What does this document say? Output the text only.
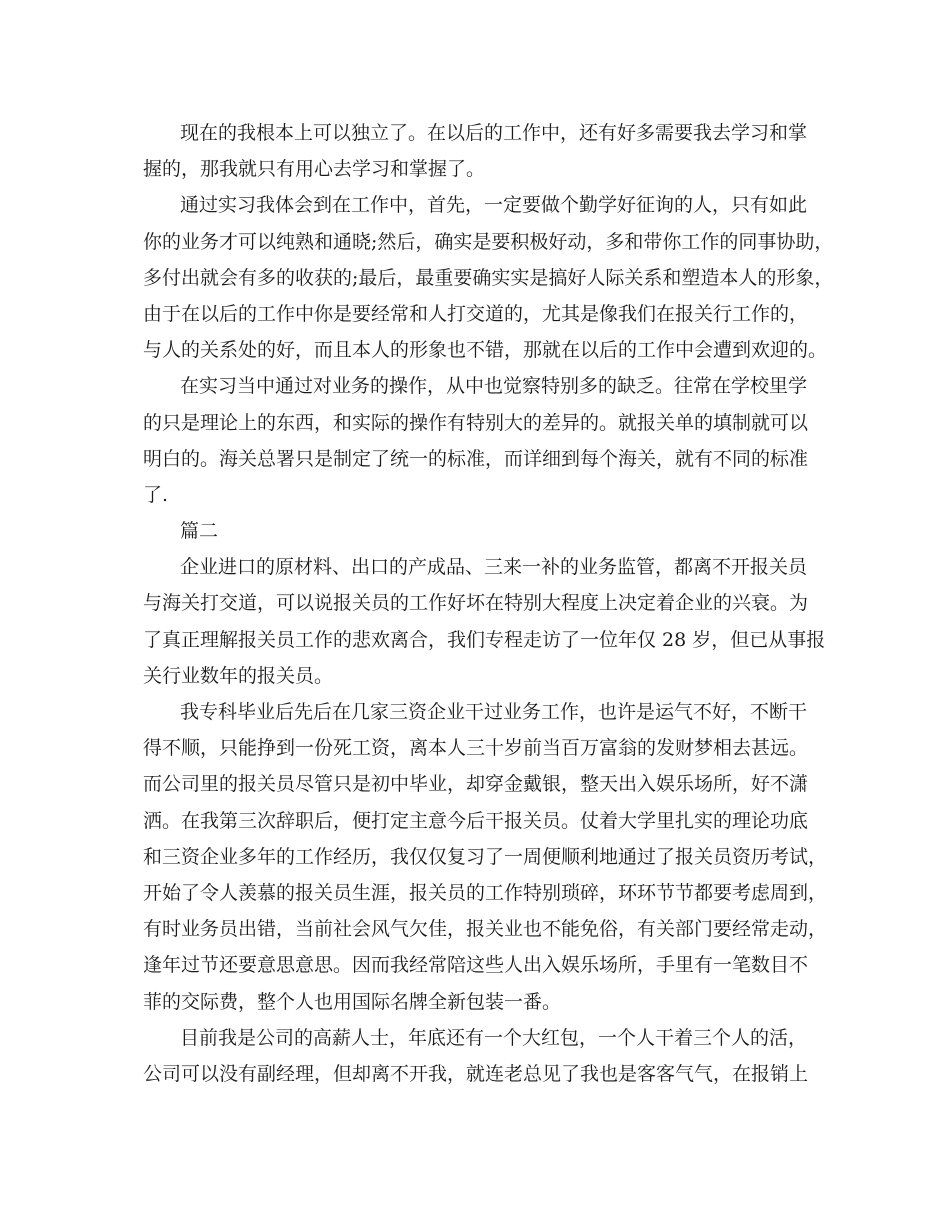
现在的我根本上可以独立了。在以后的工作中，还有好多需要我去学习和掌
握的，那我就只有用心去学习和掌握了。
通过实习我体会到在工作中，首先，一定要做个勤学好征询的人，只有如此
你的业务才可以纯熟和通晓;然后，确实是要积极好动，多和带你工作的同事协助，
多付出就会有多的收获的;最后，最重要确实实是搞好人际关系和塑造本人的形象，
由于在以后的工作中你是要经常和人打交道的，尤其是像我们在报关行工作的，
与人的关系处的好，而且本人的形象也不错，那就在以后的工作中会遭到欢迎的。
在实习当中通过对业务的操作，从中也觉察特别多的缺乏。往常在学校里学
的只是理论上的东西，和实际的操作有特别大的差异的。就报关单的填制就可以
明白的。海关总署只是制定了统一的标准，而详细到每个海关，就有不同的标准
了.
篇二
企业进口的原材料、出口的产成品、三来一补的业务监管，都离不开报关员
与海关打交道，可以说报关员的工作好坏在特别大程度上决定着企业的兴衰。为
了真正理解报关员工作的悲欢离合，我们专程走访了一位年仅 28 岁，但已从事报
关行业数年的报关员。
我专科毕业后先后在几家三资企业干过业务工作，也许是运气不好，不断干
得不顺，只能挣到一份死工资，离本人三十岁前当百万富翁的发财梦相去甚远。
而公司里的报关员尽管只是初中毕业，却穿金戴银，整天出入娱乐场所，好不潇
洒。在我第三次辞职后，便打定主意今后干报关员。仗着大学里扎实的理论功底
和三资企业多年的工作经历，我仅仅复习了一周便顺利地通过了报关员资历考试，
开始了令人羡慕的报关员生涯，报关员的工作特别琐碎，环环节节都要考虑周到，
有时业务员出错，当前社会风气欠佳，报关业也不能免俗，有关部门要经常走动，
逢年过节还要意思意思。因而我经常陪这些人出入娱乐场所，手里有一笔数目不
菲的交际费，整个人也用国际名牌全新包装一番。
目前我是公司的高薪人士，年底还有一个大红包，一个人干着三个人的活，
公司可以没有副经理，但却离不开我，就连老总见了我也是客客气气，在报销上
